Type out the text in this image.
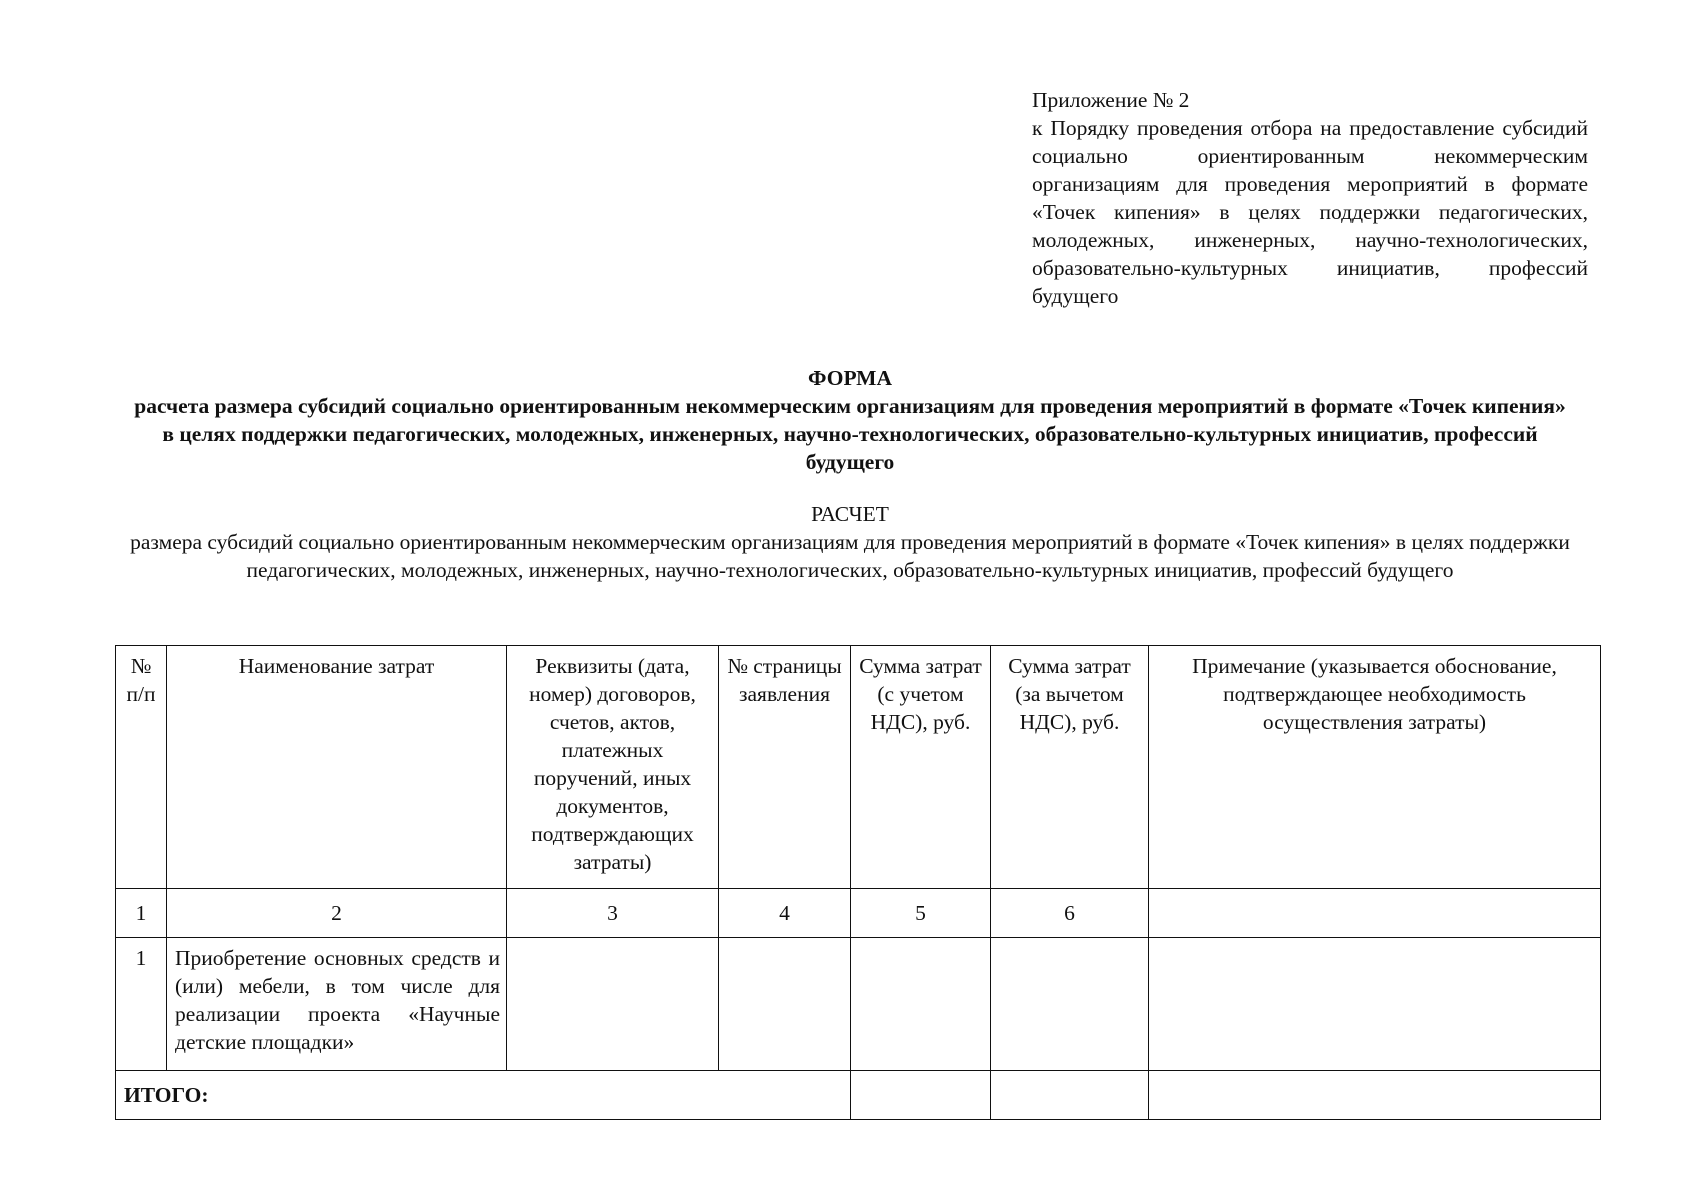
Приложение № 2
к Порядку проведения отбора на предоставление субсидий социально ориентированным некоммерческим организациям для проведения мероприятий в формате «Точек кипения» в целях поддержки педагогических, молодежных, инженерных, научно-технологических, образовательно-культурных инициатив, профессий будущего
ФОРМА
расчета размера субсидий социально ориентированным некоммерческим организациям для проведения мероприятий в формате «Точек кипения» в целях поддержки педагогических, молодежных, инженерных, научно-технологических, образовательно-культурных инициатив, профессий будущего
РАСЧЕТ
размера субсидий социально ориентированным некоммерческим организациям для проведения мероприятий в формате «Точек кипения» в целях поддержки педагогических, молодежных, инженерных, научно-технологических, образовательно-культурных инициатив, профессий будущего
№ п/п	Наименование затрат	Реквизиты (дата, номер) договоров, счетов, актов, платежных поручений, иных документов, подтверждающих затраты)	№ страницы заявления	Сумма затрат (с учетом НДС), руб.	Сумма затрат (за вычетом НДС), руб.	Примечание (указывается обоснование, подтверждающее необходимость осуществления затраты)
1	2	3	4	5	6	
1	Приобретение основных средств и (или) мебели, в том числе для реализации проекта «Научные детские площадки»					
ИТОГО:						
